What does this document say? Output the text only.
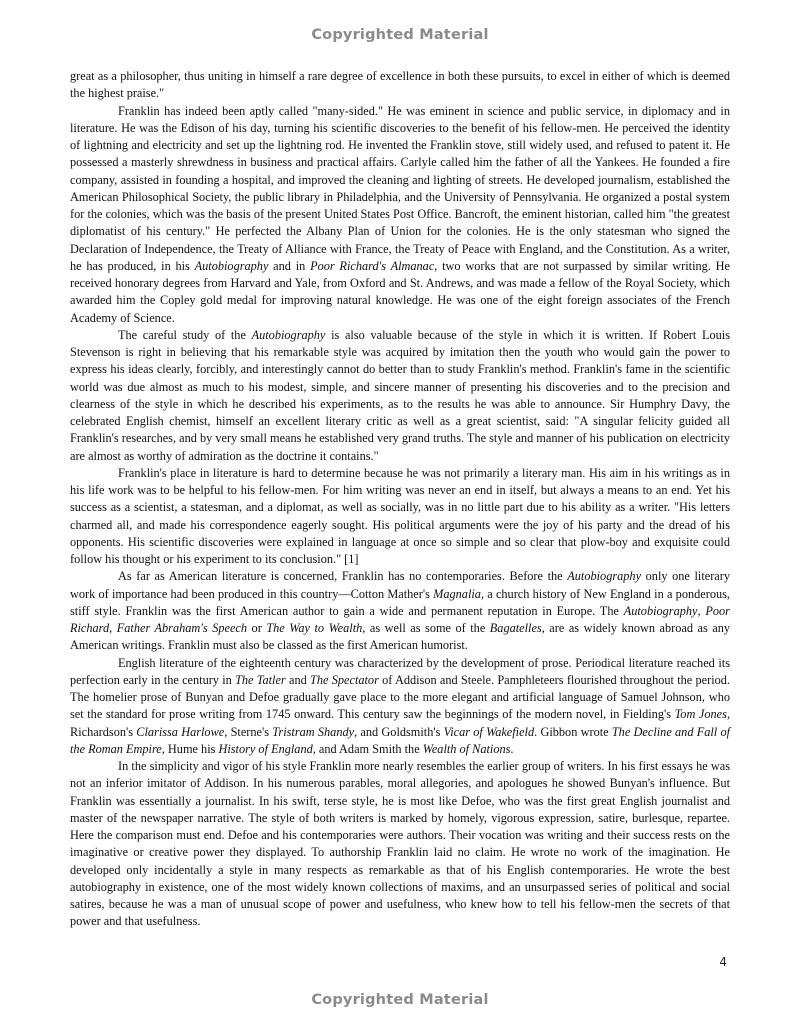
Copyrighted Material

great as a philosopher, thus uniting in himself a rare degree of excellence in both these pursuits, to excel in either of which is deemed the highest praise."

Franklin has indeed been aptly called "many-sided." He was eminent in science and public service, in diplomacy and in literature. He was the Edison of his day, turning his scientific discoveries to the benefit of his fellow-men. He perceived the identity of lightning and electricity and set up the lightning rod. He invented the Franklin stove, still widely used, and refused to patent it. He possessed a masterly shrewdness in business and practical affairs. Carlyle called him the father of all the Yankees. He founded a fire company, assisted in founding a hospital, and improved the cleaning and lighting of streets. He developed journalism, established the American Philosophical Society, the public library in Philadelphia, and the University of Pennsylvania. He organized a postal system for the colonies, which was the basis of the present United States Post Office. Bancroft, the eminent historian, called him "the greatest diplomatist of his century." He perfected the Albany Plan of Union for the colonies. He is the only statesman who signed the Declaration of Independence, the Treaty of Alliance with France, the Treaty of Peace with England, and the Constitution. As a writer, he has produced, in his Autobiography and in Poor Richard's Almanac, two works that are not surpassed by similar writing. He received honorary degrees from Harvard and Yale, from Oxford and St. Andrews, and was made a fellow of the Royal Society, which awarded him the Copley gold medal for improving natural knowledge. He was one of the eight foreign associates of the French Academy of Science.

The careful study of the Autobiography is also valuable because of the style in which it is written. If Robert Louis Stevenson is right in believing that his remarkable style was acquired by imitation then the youth who would gain the power to express his ideas clearly, forcibly, and interestingly cannot do better than to study Franklin's method. Franklin's fame in the scientific world was due almost as much to his modest, simple, and sincere manner of presenting his discoveries and to the precision and clearness of the style in which he described his experiments, as to the results he was able to announce. Sir Humphry Davy, the celebrated English chemist, himself an excellent literary critic as well as a great scientist, said: "A singular felicity guided all Franklin's researches, and by very small means he established very grand truths. The style and manner of his publication on electricity are almost as worthy of admiration as the doctrine it contains."

Franklin's place in literature is hard to determine because he was not primarily a literary man. His aim in his writings as in his life work was to be helpful to his fellow-men. For him writing was never an end in itself, but always a means to an end. Yet his success as a scientist, a statesman, and a diplomat, as well as socially, was in no little part due to his ability as a writer. "His letters charmed all, and made his correspondence eagerly sought. His political arguments were the joy of his party and the dread of his opponents. His scientific discoveries were explained in language at once so simple and so clear that plow-boy and exquisite could follow his thought or his experiment to its conclusion." [1]

As far as American literature is concerned, Franklin has no contemporaries. Before the Autobiography only one literary work of importance had been produced in this country—Cotton Mather's Magnalia, a church history of New England in a ponderous, stiff style. Franklin was the first American author to gain a wide and permanent reputation in Europe. The Autobiography, Poor Richard, Father Abraham's Speech or The Way to Wealth, as well as some of the Bagatelles, are as widely known abroad as any American writings. Franklin must also be classed as the first American humorist.

English literature of the eighteenth century was characterized by the development of prose. Periodical literature reached its perfection early in the century in The Tatler and The Spectator of Addison and Steele. Pamphleteers flourished throughout the period. The homelier prose of Bunyan and Defoe gradually gave place to the more elegant and artificial language of Samuel Johnson, who set the standard for prose writing from 1745 onward. This century saw the beginnings of the modern novel, in Fielding's Tom Jones, Richardson's Clarissa Harlowe, Sterne's Tristram Shandy, and Goldsmith's Vicar of Wakefield. Gibbon wrote The Decline and Fall of the Roman Empire, Hume his History of England, and Adam Smith the Wealth of Nations.

In the simplicity and vigor of his style Franklin more nearly resembles the earlier group of writers. In his first essays he was not an inferior imitator of Addison. In his numerous parables, moral allegories, and apologues he showed Bunyan's influence. But Franklin was essentially a journalist. In his swift, terse style, he is most like Defoe, who was the first great English journalist and master of the newspaper narrative. The style of both writers is marked by homely, vigorous expression, satire, burlesque, repartee. Here the comparison must end. Defoe and his contemporaries were authors. Their vocation was writing and their success rests on the imaginative or creative power they displayed. To authorship Franklin laid no claim. He wrote no work of the imagination. He developed only incidentally a style in many respects as remarkable as that of his English contemporaries. He wrote the best autobiography in existence, one of the most widely known collections of maxims, and an unsurpassed series of political and social satires, because he was a man of unusual scope of power and usefulness, who knew how to tell his fellow-men the secrets of that power and that usefulness.

4
Copyrighted Material
